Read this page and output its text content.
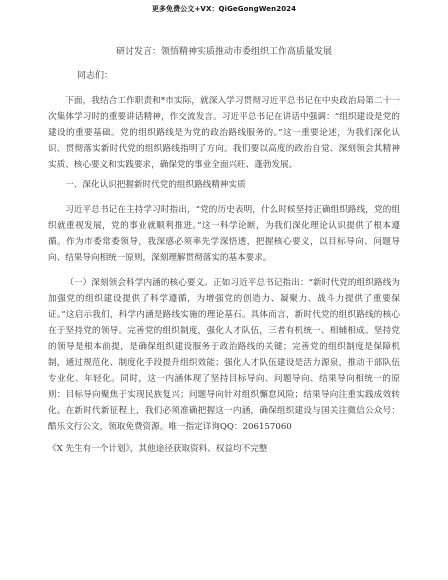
更多免费公文+VX：QiGeGongWen2024
研讨发言：领悟精神实质推动市委组织工作高质量发展
同志们：

下面，我结合工作职责和*市实际，就深入学习贯彻习近平总书记在中央政治局第二十一次集体学习时的重要讲话精神，作交流发言。习近平总书记在讲话中强调：“组织建设是党的建设的重要基础。党的组织路线是为党的政治路线服务的。”这一重要论述，为我们深化认识、贯彻落实新时代党的组织路线指明了方向。我们要以高度的政治自觉、深刻领会其精神实质、核心要义和实践要求，确保党的事业全面兴旺、蓬勃发展。

一、深化认识把握新时代党的组织路线精神实质

习近平总书记在主持学习时指出，“党的历史表明，什么时候坚持正确组织路线，党的组织就重视发展，党的事业就顺利推进。”这一科学论断，为我们深化理论认识提供了根本遵循。作为市委常委领导，我深感必须率先学深悟透，把握核心要义，以目标导向、问题导向、结果导向相统一原则，深刻理解贯彻落实的基本要求。

（一）深刻领会科学内涵的核心要义。正如习近平总书记指出：“新时代党的组织路线为加强党的组织建设提供了科学遵循，为增强党的创造力、凝聚力、战斗力提供了重要保证。”这启示我们，科学内涵是路线实施的理论基石。具体而言，新时代党的组织路线的核心在于坚持党的领导。完善党的组织制度，强化人才队伍，三者有机统一、相辅相成。坚持党的领导是根本前提，是确保组织建设服务于政治路线的关键；完善党的组织制度是保障机制，通过规范化、制度化手段提升组织效能；强化人才队伍建设是活力源泉，推动干部队伍专业化、年轻化。同时，这一内涵体现了坚持目标导向、问题导向、结果导向相统一的原则：目标导向聚焦于实现民族复兴；问题导向针对组织懈怠风险；结果导向注重实践成效转化。在新时代新征程上，我们必须准确把握这一内涵，确保组织建设与国关注微信公众号：酷乐文行公文，领取免费资源。唯一指定详询QQ：206157060

《X 先生有一个计划》，其他途径获取资料、权益均不完整
